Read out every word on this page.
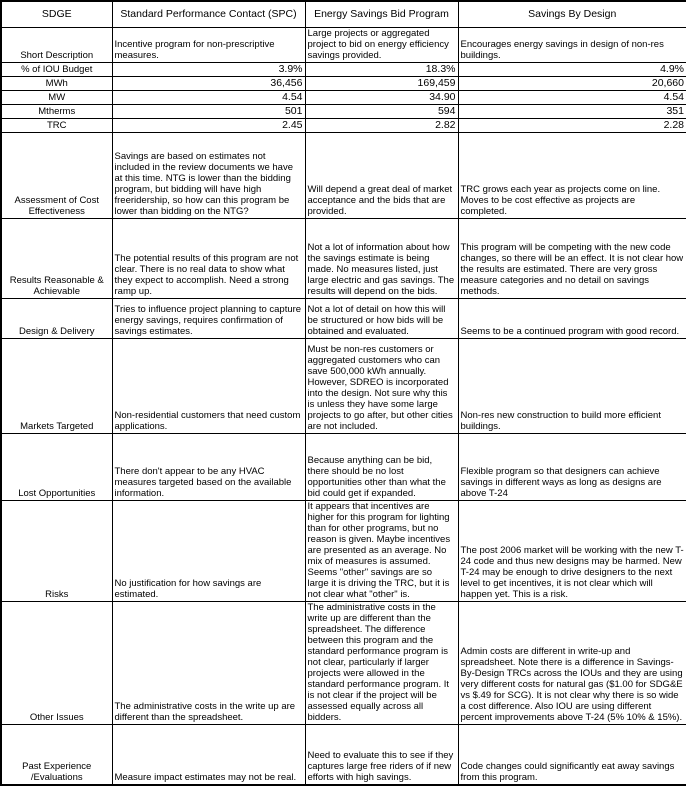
SDGE	Standard Performance Contact (SPC)	Energy Savings Bid Program	Savings By Design
Short Description	Incentive program for non-prescriptive measures.	Large projects or aggregated project to bid on energy efficiency savings provided.	Encourages energy savings in design of non-res buildings.
% of IOU Budget	3.9%	18.3%	4.9%
MWh	36,456	169,459	20,660
MW	4.54	34.90	4.54
Mtherms	501	594	351
TRC	2.45	2.82	2.28
Assessment of Cost Effectiveness	Savings are based on estimates not included in the review documents we have at this time. NTG is lower than the bidding program, but bidding will have high freeridership, so how can this program be lower than bidding on the NTG?	Will depend a great deal of market acceptance and the bids that are provided.	TRC grows each year as projects come on line. Moves to be cost effective as projects are completed.
Results Reasonable & Achievable	The potential results of this program are not clear. There is no real data to show what they expect to accomplish. Need a strong ramp up.	Not a lot of information about how the savings estimate is being made. No measures listed, just large electric and gas savings. The results will depend on the bids.	This program will be competing with the new code changes, so there will be an effect. It is not clear how the results are estimated. There are very gross measure categories and no detail on savings methods.
Design & Delivery	Tries to influence project planning to capture energy savings, requires confirmation of savings estimates.	Not a lot of detail on how this will be structured or how bids will be obtained and evaluated.	Seems to be a continued program with good record.
Markets Targeted	Non-residential customers that need custom applications.	Must be non-res customers or aggregated customers who can save 500,000 kWh annually. However, SDREO is incorporated into the design. Not sure why this is unless they have some large projects to go after, but other cities are not included.	Non-res new construction to build more efficient buildings.
Lost Opportunities	There don't appear to be any HVAC measures targeted based on the available information.	Because anything can be bid, there should be no lost opportunities other than what the bid could get if expanded.	Flexible program so that designers can achieve savings in different ways as long as designs are above T-24
Risks	No justification for how savings are estimated.	It appears that incentives are higher for this program for lighting than for other programs, but no reason is given. Maybe incentives are presented as an average. No mix of measures is assumed. Seems "other" savings are so large it is driving the TRC, but it is not clear what "other" is.	The post 2006 market will be working with the new T-24 code and thus new designs may be harmed. New T-24 may be enough to drive designers to the next level to get incentives, it is not clear which will happen yet. This is a risk.
Other Issues	The administrative costs in the write up are different than the spreadsheet.	The administrative costs in the write up are different than the spreadsheet. The difference between this program and the standard performance program is not clear, particularly if larger projects were allowed in the standard performance program. It is not clear if the project will be assessed equally across all bidders.	Admin costs are different in write-up and spreadsheet. Note there is a difference in Savings- By-Design TRCs across the IOUs and they are using very different costs for natural gas ($1.00 for SDG&E vs $.49 for SCG). It is not clear why there is so wide a cost difference. Also IOU are using different percent improvements above T-24 (5% 10% & 15%).
Past Experience /Evaluations	Measure impact estimates may not be real.	Need to evaluate this to see if they captures large free riders of if new efforts with high savings.	Code changes could significantly eat away savings from this program.
